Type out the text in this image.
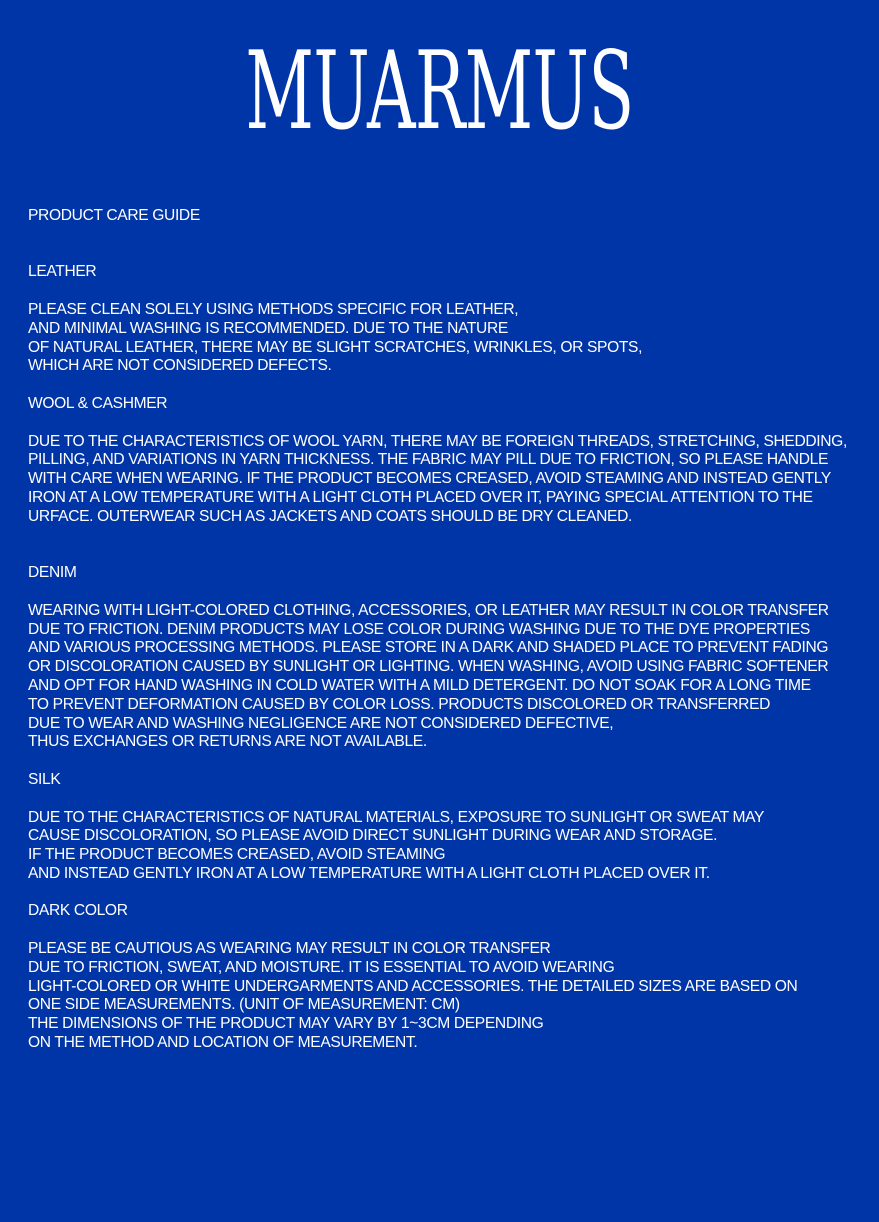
MUARMUS
PRODUCT CARE GUIDE
LEATHER
PLEASE CLEAN SOLELY USING METHODS SPECIFIC FOR LEATHER,
AND MINIMAL WASHING IS RECOMMENDED. DUE TO THE NATURE
OF NATURAL LEATHER, THERE MAY BE SLIGHT SCRATCHES, WRINKLES, OR SPOTS,
WHICH ARE NOT CONSIDERED DEFECTS.
WOOL & CASHMER
DUE TO THE CHARACTERISTICS OF WOOL YARN, THERE MAY BE FOREIGN THREADS, STRETCHING, SHEDDING,
PILLING, AND VARIATIONS IN YARN THICKNESS. THE FABRIC MAY PILL DUE TO FRICTION, SO PLEASE HANDLE
WITH CARE WHEN WEARING. IF THE PRODUCT BECOMES CREASED, AVOID STEAMING AND INSTEAD GENTLY
IRON AT A LOW TEMPERATURE WITH A LIGHT CLOTH PLACED OVER IT, PAYING SPECIAL ATTENTION TO THE
URFACE. OUTERWEAR SUCH AS JACKETS AND COATS SHOULD BE DRY CLEANED.
DENIM
WEARING WITH LIGHT-COLORED CLOTHING, ACCESSORIES, OR LEATHER MAY RESULT IN COLOR TRANSFER
DUE TO FRICTION. DENIM PRODUCTS MAY LOSE COLOR DURING WASHING DUE TO THE DYE PROPERTIES
AND VARIOUS PROCESSING METHODS. PLEASE STORE IN A DARK AND SHADED PLACE TO PREVENT FADING
OR DISCOLORATION CAUSED BY SUNLIGHT OR LIGHTING. WHEN WASHING, AVOID USING FABRIC SOFTENER
AND OPT FOR HAND WASHING IN COLD WATER WITH A MILD DETERGENT. DO NOT SOAK FOR A LONG TIME
TO PREVENT DEFORMATION CAUSED BY COLOR LOSS. PRODUCTS DISCOLORED OR TRANSFERRED
DUE TO WEAR AND WASHING NEGLIGENCE ARE NOT CONSIDERED DEFECTIVE,
THUS EXCHANGES OR RETURNS ARE NOT AVAILABLE.
SILK
DUE TO THE CHARACTERISTICS OF NATURAL MATERIALS, EXPOSURE TO SUNLIGHT OR SWEAT MAY
CAUSE DISCOLORATION, SO PLEASE AVOID DIRECT SUNLIGHT DURING WEAR AND STORAGE.
IF THE PRODUCT BECOMES CREASED, AVOID STEAMING
AND INSTEAD GENTLY IRON AT A LOW TEMPERATURE WITH A LIGHT CLOTH PLACED OVER IT.
DARK COLOR
PLEASE BE CAUTIOUS AS WEARING MAY RESULT IN COLOR TRANSFER
DUE TO FRICTION, SWEAT, AND MOISTURE. IT IS ESSENTIAL TO AVOID WEARING
LIGHT-COLORED OR WHITE UNDERGARMENTS AND ACCESSORIES. THE DETAILED SIZES ARE BASED ON
ONE SIDE MEASUREMENTS. (UNIT OF MEASUREMENT: CM)
THE DIMENSIONS OF THE PRODUCT MAY VARY BY 1~3CM DEPENDING
ON THE METHOD AND LOCATION OF MEASUREMENT.
